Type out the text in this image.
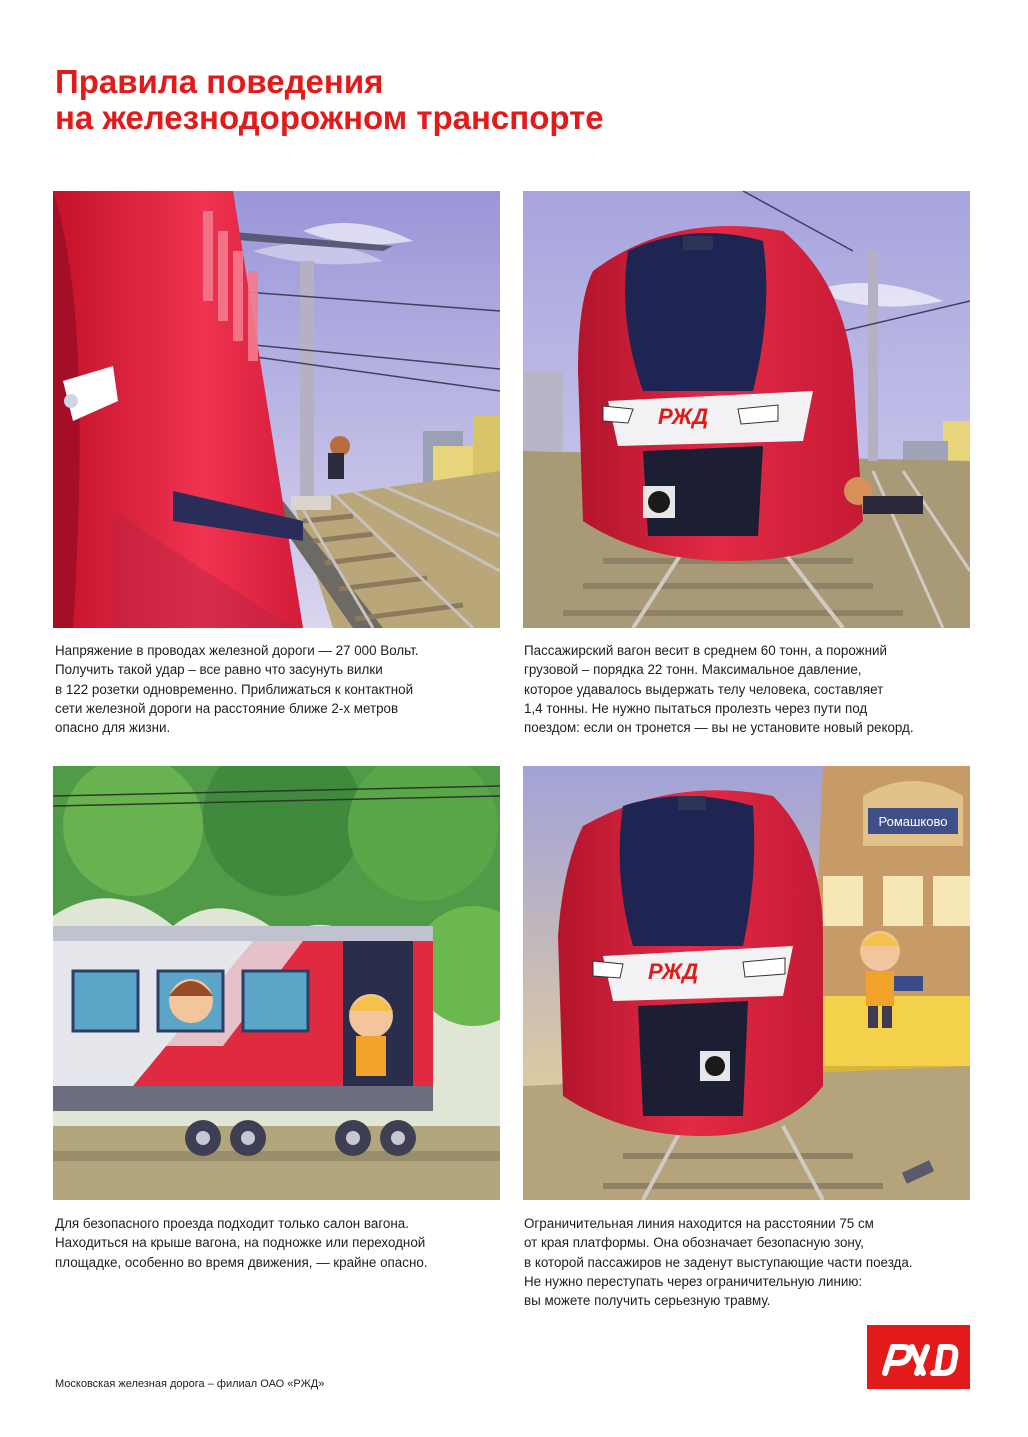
Правила поведения
на железнодорожном транспорте
РЖД

Напряжение в проводах железной дороги — 27 000 Вольт.
Получить такой удар – все равно что засунуть вилки
в 122 розетки одновременно. Приближаться к контактной
сети железной дороги на расстояние ближе 2-х метров
опасно для жизни.

Пассажирский вагон весит в среднем 60 тонн, а порожний
грузовой – порядка 22 тонн. Максимальное давление,
которое удавалось выдержать телу человека, составляет
1,4 тонны. Не нужно пытаться пролезть через пути под
поездом: если он тронется — вы не установите новый рекорд.

Ромашково
РЖД

Для безопасного проезда подходит только салон вагона.
Находиться на крыше вагона, на подножке или переходной
площадке, особенно во время движения, — крайне опасно.

Ограничительная линия находится на расстоянии 75 см
от края платформы. Она обозначает безопасную зону,
в которой пассажиров не заденут выступающие части поезда.
Не нужно переступать через ограничительную линию:
вы можете получить серьезную травму.

Московская железная дорога – филиал ОАО «РЖД»
